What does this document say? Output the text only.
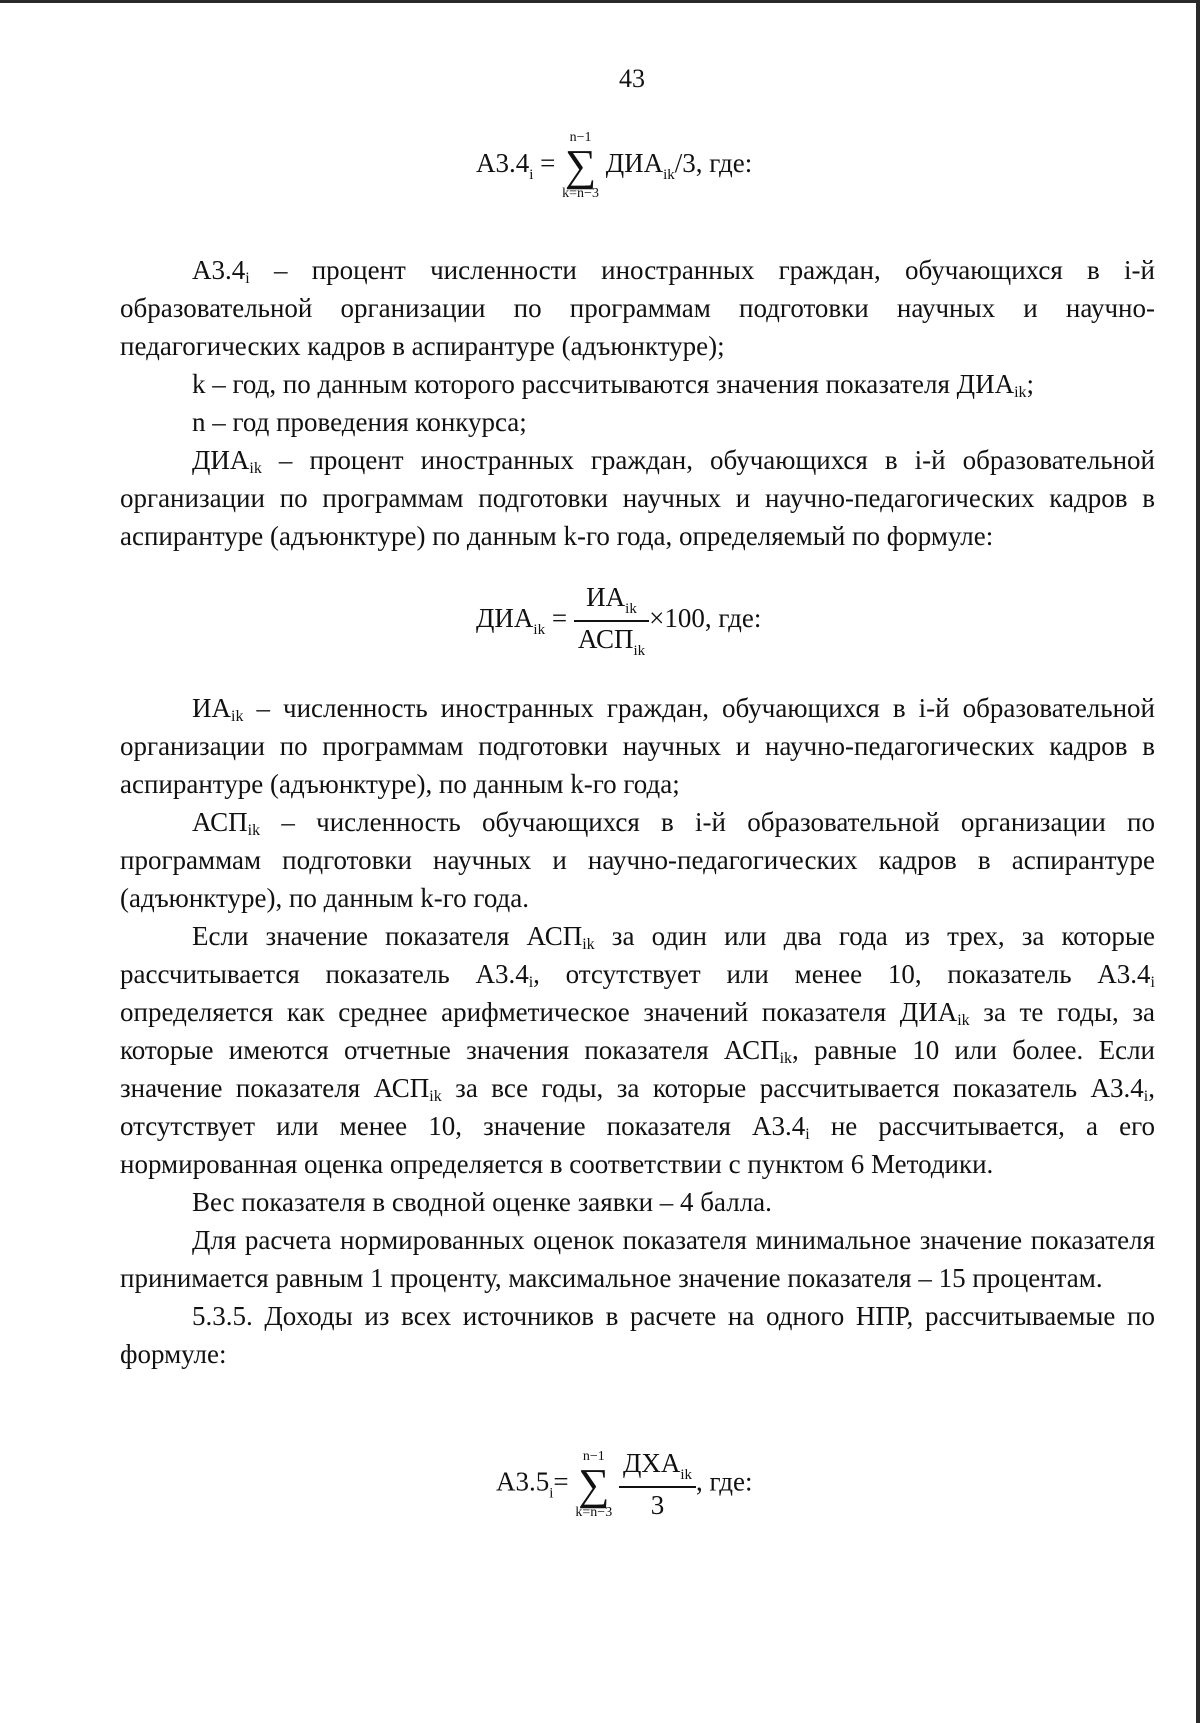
43
$А3.4_i$ =
n−1
∑
k=n−3
$ДИА_{ik}/3$, где:

$А3.4_i$ – процент численности иностранных граждан, обучающихся в i-й образовательной организации по программам подготовки научных и научно-педагогических кадров в аспирантуре (адъюнктуре);

k – год, по данным которого рассчитываются значения показателя $ДИА_{ik}$;

n – год проведения конкурса;

$ДИА_{ik}$ – процент иностранных граждан, обучающихся в i-й образовательной организации по программам подготовки научных и научно-педагогических кадров в аспирантуре (адъюнктуре) по данным k-го года, определяемый по формуле:

$ДИА_{ik} = \frac{ИА_{ik}}{АСП_{ik}} \times 100$, где:

$ИА_{ik}$ – численность иностранных граждан, обучающихся в i-й образовательной организации по программам подготовки научных и научно-педагогических кадров в аспирантуре (адъюнктуре), по данным k-го года;

$АСП_{ik}$ – численность обучающихся в i-й образовательной организации по программам подготовки научных и научно-педагогических кадров в аспирантуре (адъюнктуре), по данным k-го года.

Если значение показателя $АСП_{ik}$ за один или два года из трех, за которые рассчитывается показатель $А3.4_i$, отсутствует или менее 10, показатель $А3.4_i$ определяется как среднее арифметическое значений показателя $ДИА_{ik}$ за те годы, за которые имеются отчетные значения показателя $АСП_{ik}$, равные 10 или более. Если значение показателя $АСП_{ik}$ за все годы, за которые рассчитывается показатель $А3.4_i$, отсутствует или менее 10, значение показателя $А3.4_i$ не рассчитывается, а его нормированная оценка определяется в соответствии с пунктом 6 Методики.

Вес показателя в сводной оценке заявки – 4 балла.

Для расчета нормированных оценок показателя минимальное значение показателя принимается равным 1 проценту, максимальное значение показателя – 15 процентам.

5.3.5. Доходы из всех источников в расчете на одного НПР, рассчитываемые по формуле:

$А3.5_i=$
n−1
∑
k=n−3
$\frac{ДХА_{ik}}{3}$ , где:
